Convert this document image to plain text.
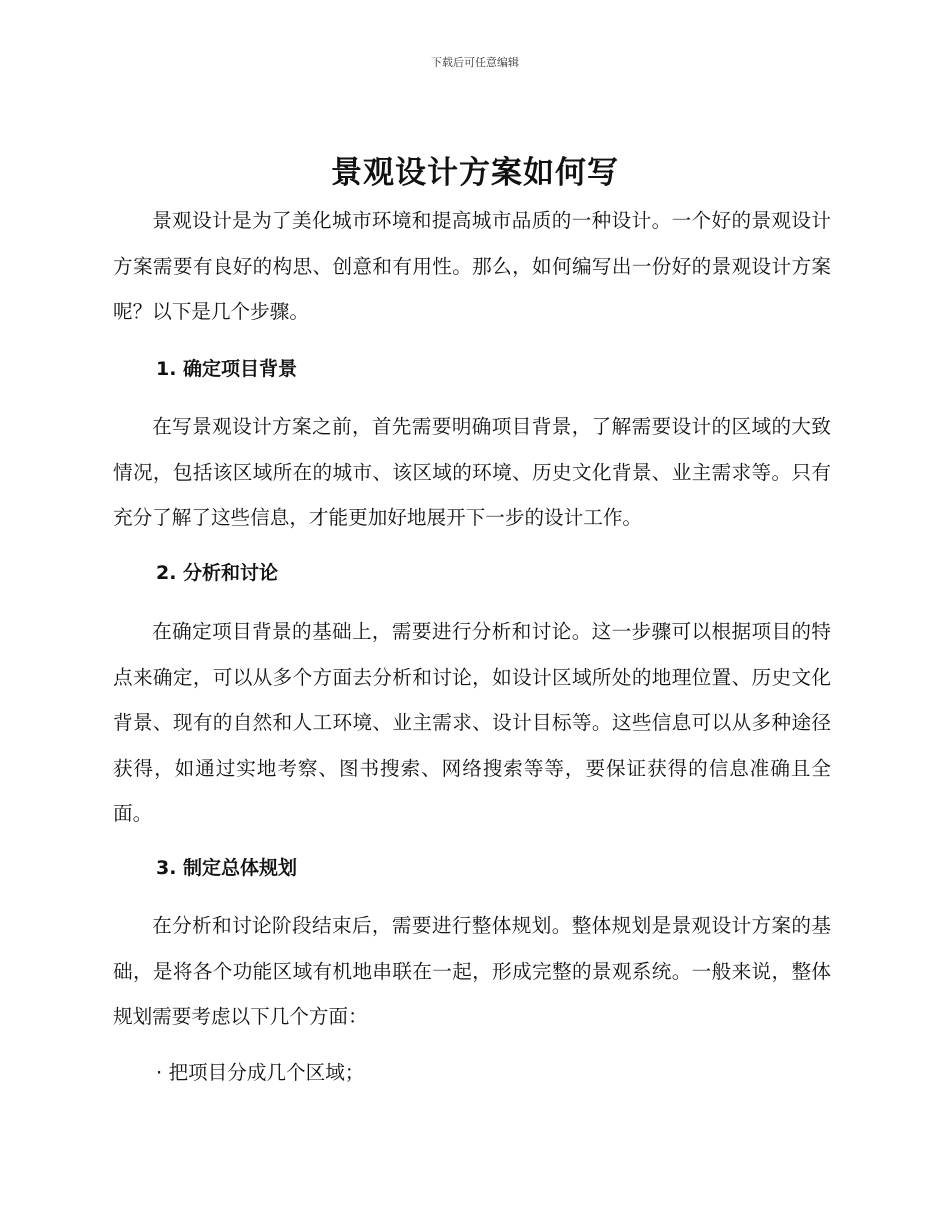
下载后可任意编辑
景观设计方案如何写

景观设计是为了美化城市环境和提高城市品质的一种设计。一个好的景观设计方案需要有良好的构思、创意和有用性。那么，如何编写出一份好的景观设计方案呢？以下是几个步骤。

1. 确定项目背景

在写景观设计方案之前，首先需要明确项目背景，了解需要设计的区域的大致情况，包括该区域所在的城市、该区域的环境、历史文化背景、业主需求等。只有充分了解了这些信息，才能更加好地展开下一步的设计工作。

2. 分析和讨论

在确定项目背景的基础上，需要进行分析和讨论。这一步骤可以根据项目的特点来确定，可以从多个方面去分析和讨论，如设计区域所处的地理位置、历史文化背景、现有的自然和人工环境、业主需求、设计目标等。这些信息可以从多种途径获得，如通过实地考察、图书搜索、网络搜索等等，要保证获得的信息准确且全面。

3. 制定总体规划

在分析和讨论阶段结束后，需要进行整体规划。整体规划是景观设计方案的基础，是将各个功能区域有机地串联在一起，形成完整的景观系统。一般来说，整体规划需要考虑以下几个方面：

· 把项目分成几个区域；
